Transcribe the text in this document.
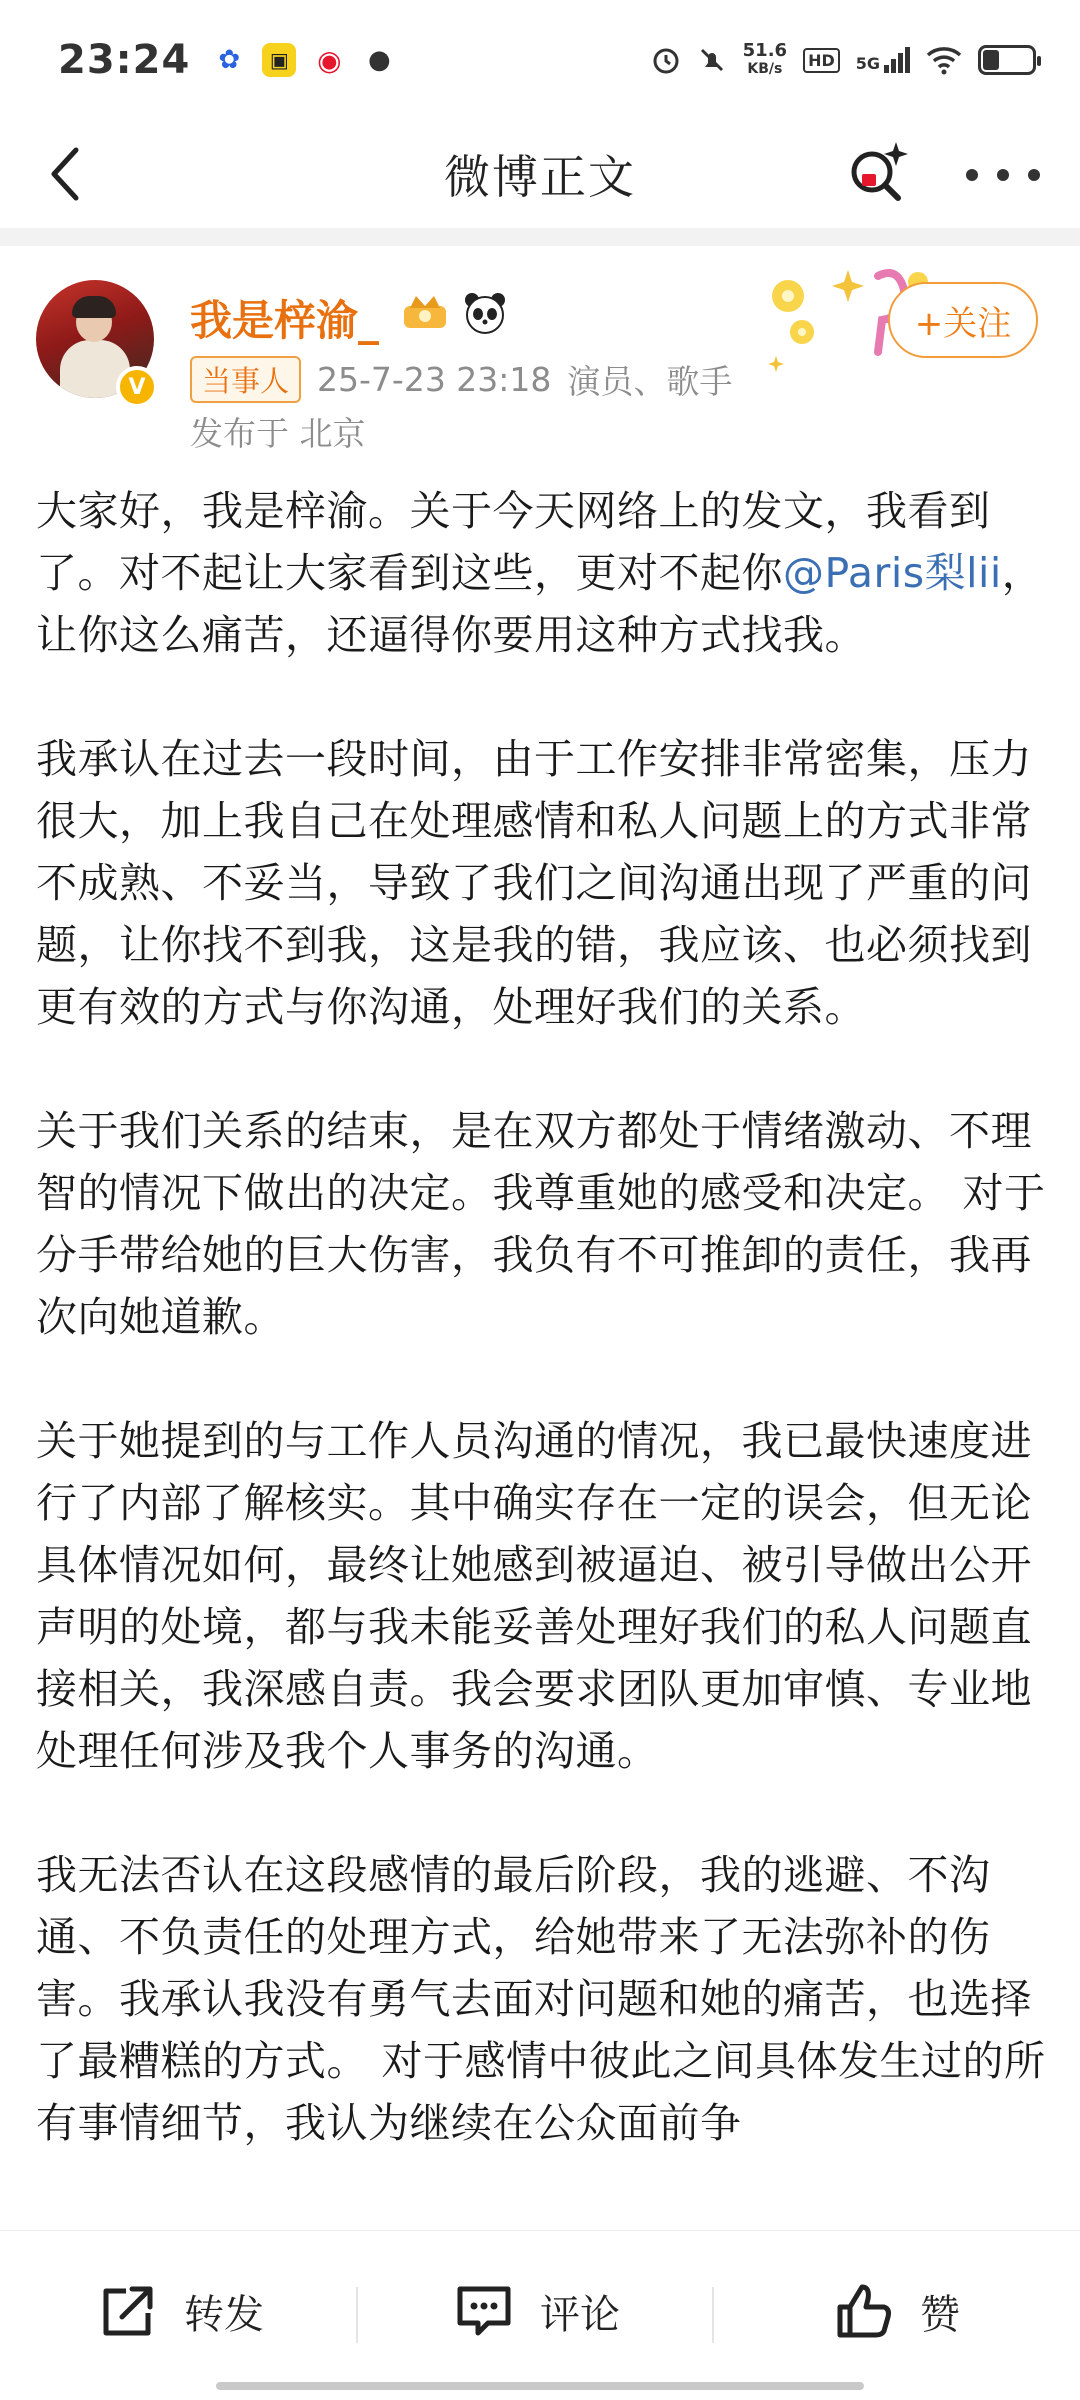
23:24 ✿	▣ ◉ ●	51.6
KB/s	HD	5G
微博正文
V
我是梓渝_
当事人 25-7-23 23:18 演员、歌手
发布于 北京
+关注

大家好，我是梓渝。关于今天网络上的发文，我看到了。对不起让大家看到这些，更对不起你@Paris梨lii，让你这么痛苦，还逼得你要用这种方式找我。

我承认在过去一段时间，由于工作安排非常密集，压力很大，加上我自己在处理感情和私人问题上的方式非常不成熟、不妥当，导致了我们之间沟通出现了严重的问题，让你找不到我，这是我的错，我应该、也必须找到更有效的方式与你沟通，处理好我们的关系。

关于我们关系的结束，是在双方都处于情绪激动、不理智的情况下做出的决定。我尊重她的感受和决定。 对于分手带给她的巨大伤害，我负有不可推卸的责任，我再次向她道歉。

关于她提到的与工作人员沟通的情况，我已最快速度进行了内部了解核实。其中确实存在一定的误会，但无论具体情况如何，最终让她感到被逼迫、被引导做出公开声明的处境，都与我未能妥善处理好我们的私人问题直接相关，我深感自责。我会要求团队更加审慎、专业地处理任何涉及我个人事务的沟通。

我无法否认在这段感情的最后阶段，我的逃避、不沟通、不负责任的处理方式，给她带来了无法弥补的伤害。我承认我没有勇气去面对问题和她的痛苦，也选择了最糟糕的方式。 对于感情中彼此之间具体发生过的所有事情细节，我认为继续在公众面前争

转发	评论	赞
